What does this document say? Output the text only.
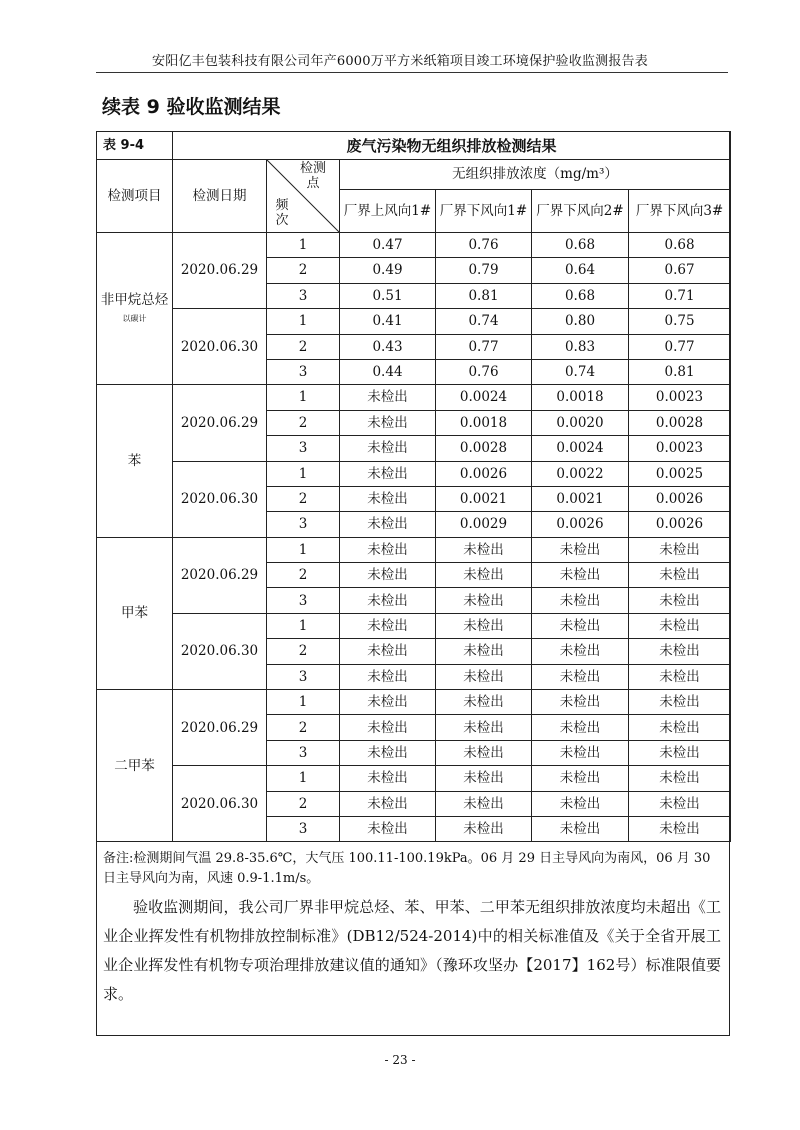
安阳亿丰包装科技有限公司年产6000万平方米纸箱项目竣工环境保护验收监测报告表
续表 9 验收监测结果
表 9-4	废气污染物无组织排放检测结果					
检测项目	检测日期	检测点
频次	无组织排放浓度（mg/m³）			
			厂界上风向1#	厂界下风向1#	厂界下风向2#	厂界下风向3#
非甲烷总烃以碳计	2020.06.29	1	0.47	0.76	0.68	0.68
		2	0.49	0.79	0.64	0.67
		3	0.51	0.81	0.68	0.71
	2020.06.30	1	0.41	0.74	0.80	0.75
		2	0.43	0.77	0.83	0.77
		3	0.44	0.76	0.74	0.81
苯	2020.06.29	1	未检出	0.0024	0.0018	0.0023
		2	未检出	0.0018	0.0020	0.0028
		3	未检出	0.0028	0.0024	0.0023
	2020.06.30	1	未检出	0.0026	0.0022	0.0025
		2	未检出	0.0021	0.0021	0.0026
		3	未检出	0.0029	0.0026	0.0026
甲苯	2020.06.29	1	未检出	未检出	未检出	未检出
		2	未检出	未检出	未检出	未检出
		3	未检出	未检出	未检出	未检出
	2020.06.30	1	未检出	未检出	未检出	未检出
		2	未检出	未检出	未检出	未检出
		3	未检出	未检出	未检出	未检出
二甲苯	2020.06.29	1	未检出	未检出	未检出	未检出
		2	未检出	未检出	未检出	未检出
		3	未检出	未检出	未检出	未检出
	2020.06.30	1	未检出	未检出	未检出	未检出
		2	未检出	未检出	未检出	未检出
		3	未检出	未检出	未检出	未检出
备注:检测期间气温 29.8-35.6℃，大气压 100.11-100.19kPa。06 月 29 日主导风向为南风，06 月 30 日主导风向为南，风速 0.9-1.1m/s。
验收监测期间，我公司厂界非甲烷总烃、苯、甲苯、二甲苯无组织排放浓度均未超出《工业企业挥发性有机物排放控制标准》(DB12/524-2014)中的相关标准值及《关于全省开展工业企业挥发性有机物专项治理排放建议值的通知》（豫环攻坚办【2017】162号）标准限值要求。
- 23 -
